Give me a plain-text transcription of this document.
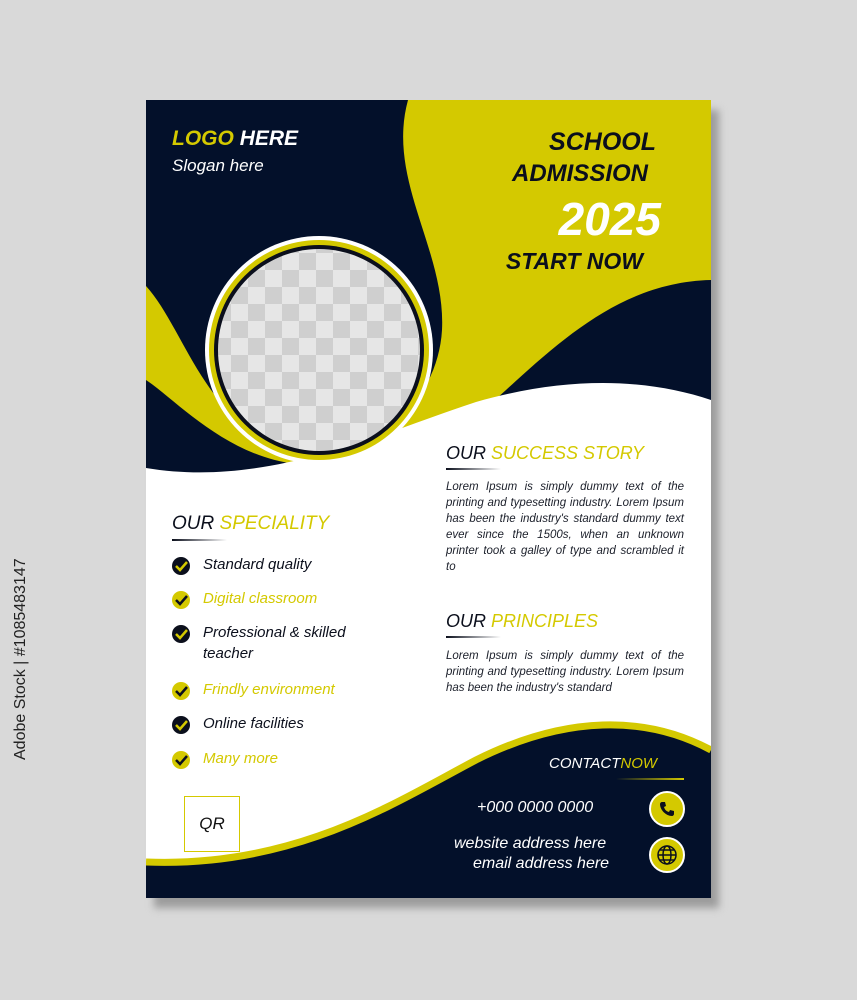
LOGO HERE
Slogan here
SCHOOL
ADMISSION
2025
START NOW
OUR SUCCESS STORY
Lorem Ipsum is simply dummy text of the printing and typesetting industry. Lorem Ipsum has been the industry's standard dummy text ever since the 1500s, when an unknown printer took a galley of type and scrambled it to
OUR SPECIALITY
Standard quality
Digital classroom
Professional & skilled
teacher
Frindly environment
Online facilities
Many more
OUR PRINCIPLES
Lorem Ipsum is simply dummy text of the printing and typesetting industry. Lorem Ipsum has been the industry's standard
QR
CONTACTNOW
+000 0000 0000
website address here
email address here
Adobe Stock | #1085483147
